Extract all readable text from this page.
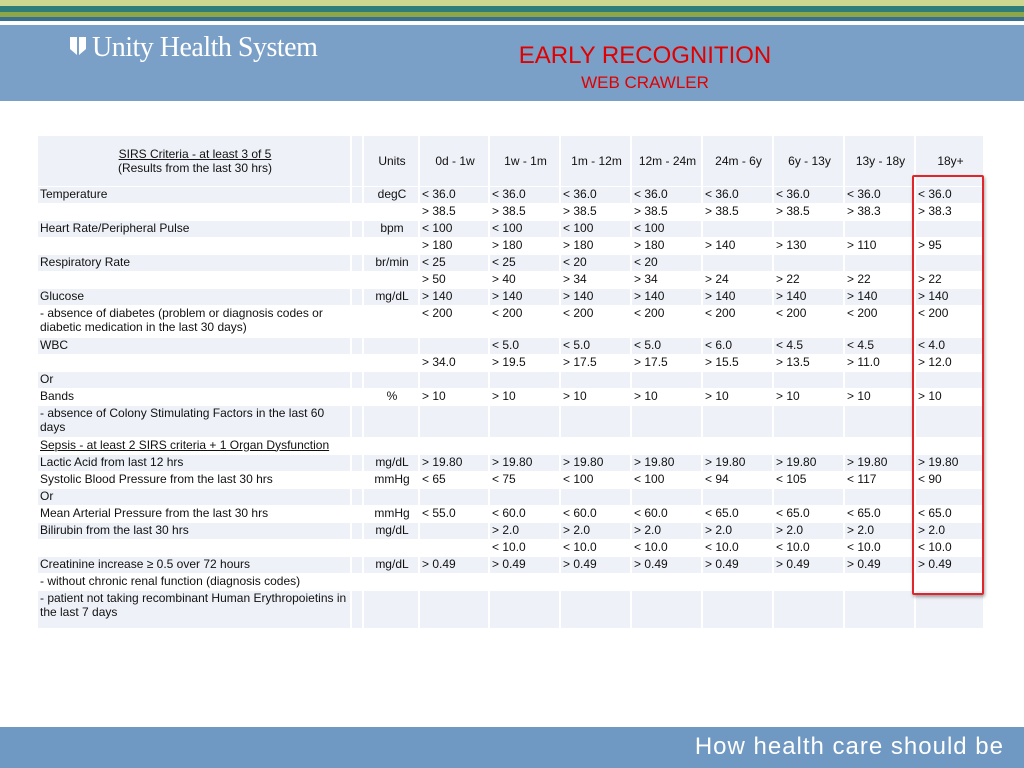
Unity Health System	EARLY RECOGNITION
WEB CRAWLER
SIRS Criteria - at least 3 of 5
(Results from the last 30 hrs)		Units	0d - 1w	1w - 1m	1m - 12m	12m - 24m	24m - 6y	6y - 13y	13y - 18y	18y+
Temperature		degC	< 36.0	< 36.0	< 36.0	< 36.0	< 36.0	< 36.0	< 36.0	< 36.0
			> 38.5	> 38.5	> 38.5	> 38.5	> 38.5	> 38.5	> 38.3	> 38.3
Heart Rate/Peripheral Pulse		bpm	< 100	< 100	< 100	< 100				
			> 180	> 180	> 180	> 180	> 140	> 130	> 110	> 95
Respiratory Rate		br/min	< 25	< 25	< 20	< 20				
			> 50	> 40	> 34	> 34	> 24	> 22	> 22	> 22
Glucose		mg/dL	> 140	> 140	> 140	> 140	> 140	> 140	> 140	> 140
- absence of diabetes (problem or diagnosis codes or diabetic medication in the last 30 days)			< 200	< 200	< 200	< 200	< 200	< 200	< 200	< 200
WBC				< 5.0	< 5.0	< 5.0	< 6.0	< 4.5	< 4.5	< 4.0
			> 34.0	> 19.5	> 17.5	> 17.5	> 15.5	> 13.5	> 11.0	> 12.0
Or										
Bands		%	> 10	> 10	> 10	> 10	> 10	> 10	> 10	> 10
- absence of Colony Stimulating Factors in the last 60 days										
Sepsis - at least 2 SIRS criteria + 1 Organ Dysfunction										
Lactic Acid from last 12 hrs		mg/dL	> 19.80	> 19.80	> 19.80	> 19.80	> 19.80	> 19.80	> 19.80	> 19.80
Systolic Blood Pressure from the last 30 hrs		mmHg	< 65	< 75	< 100	< 100	< 94	< 105	< 117	< 90
Or										
Mean Arterial Pressure from the last 30 hrs		mmHg	< 55.0	< 60.0	< 60.0	< 60.0	< 65.0	< 65.0	< 65.0	< 65.0
Bilirubin from the last 30 hrs		mg/dL		> 2.0	> 2.0	> 2.0	> 2.0	> 2.0	> 2.0	> 2.0
				< 10.0	< 10.0	< 10.0	< 10.0	< 10.0	< 10.0	< 10.0
Creatinine increase ≥ 0.5 over 72 hours		mg/dL	> 0.49	> 0.49	> 0.49	> 0.49	> 0.49	> 0.49	> 0.49	> 0.49
- without chronic renal function (diagnosis codes)										
- patient not taking recombinant Human Erythropoietins in the last 7 days										
How health care should be
